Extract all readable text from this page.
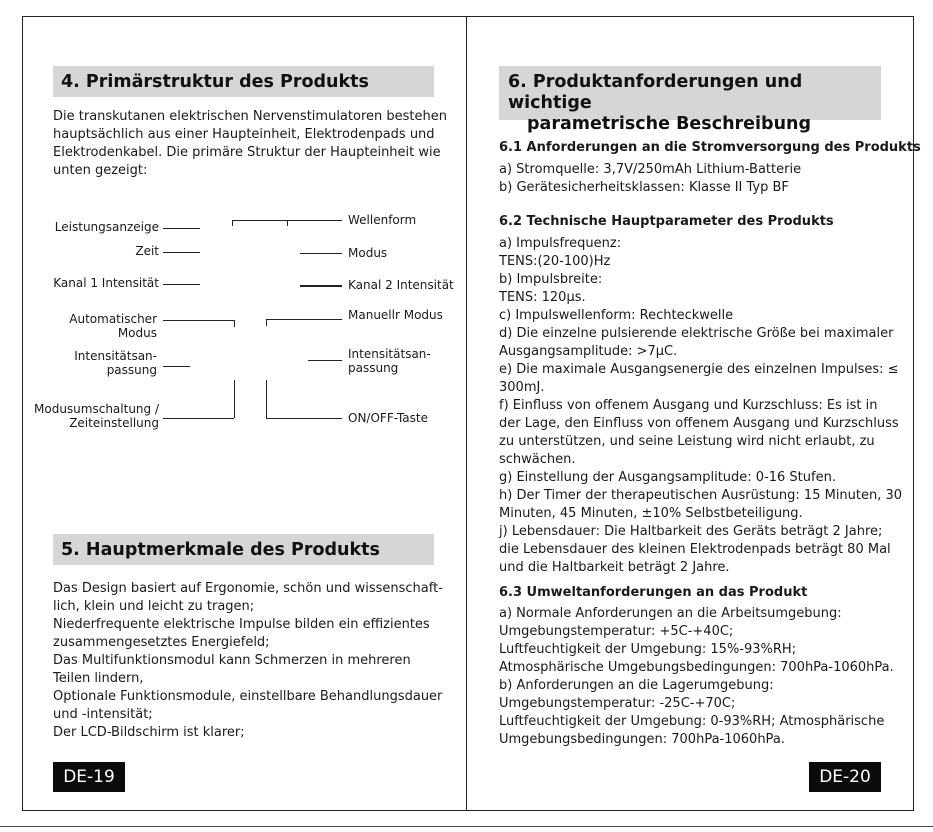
4. Primärstruktur des Produkts
Die transkutanen elektrischen Nervenstimulatoren bestehen
hauptsächlich aus einer Haupteinheit, Elektrodenpads und
Elektrodenkabel. Die primäre Struktur der Haupteinheit wie
unten gezeigt:
Leistungsanzeige
Zeit
Kanal 1 Intensität
Automatischer
Modus
Intensitätsan-
passung
Modusumschaltung /
Zeiteinstellung
Wellenform
Modus
Kanal 2 Intensität
Manuellr Modus
Intensitätsan-
passung
ON/OFF-Taste
5. Hauptmerkmale des Produkts
Das Design basiert auf Ergonomie, schön und wissenschaft-
lich, klein und leicht zu tragen;
Niederfrequente elektrische Impulse bilden ein effizientes
zusammengesetztes Energiefeld;
Das Multifunktionsmodul kann Schmerzen in mehreren
Teilen lindern,
Optionale Funktionsmodule, einstellbare Behandlungsdauer
und -intensität;
Der LCD-Bildschirm ist klarer;
DE-19
6. Produktanforderungen und wichtige
parametrische Beschreibung
6.1 Anforderungen an die Stromversorgung des Produkts
a) Stromquelle: 3,7V/250mAh Lithium-Batterie
b) Gerätesicherheitsklassen: Klasse II Typ BF
6.2 Technische Hauptparameter des Produkts
a) Impulsfrequenz:
TENS:(20-100)Hz
b) Impulsbreite:
TENS: 120μs.
c) Impulswellenform: Rechteckwelle
d) Die einzelne pulsierende elektrische Größe bei maximaler
Ausgangsamplitude: >7μC.
e) Die maximale Ausgangsenergie des einzelnen Impulses: ≤
300mJ.
f) Einfluss von offenem Ausgang und Kurzschluss: Es ist in
der Lage, den Einfluss von offenem Ausgang und Kurzschluss
zu unterstützen, und seine Leistung wird nicht erlaubt, zu
schwächen.
g) Einstellung der Ausgangsamplitude: 0-16 Stufen.
h) Der Timer der therapeutischen Ausrüstung: 15 Minuten, 30
Minuten, 45 Minuten, ±10% Selbstbeteiligung.
j) Lebensdauer: Die Haltbarkeit des Geräts beträgt 2 Jahre;
die Lebensdauer des kleinen Elektrodenpads beträgt 80 Mal
und die Haltbarkeit beträgt 2 Jahre.
6.3 Umweltanforderungen an das Produkt
a) Normale Anforderungen an die Arbeitsumgebung:
Umgebungstemperatur: +5C-+40C;
Luftfeuchtigkeit der Umgebung: 15%-93%RH;
Atmosphärische Umgebungsbedingungen: 700hPa-1060hPa.
b) Anforderungen an die Lagerumgebung:
Umgebungstemperatur: -25C-+70C;
Luftfeuchtigkeit der Umgebung: 0-93%RH; Atmosphärische
Umgebungsbedingungen: 700hPa-1060hPa.
DE-20
